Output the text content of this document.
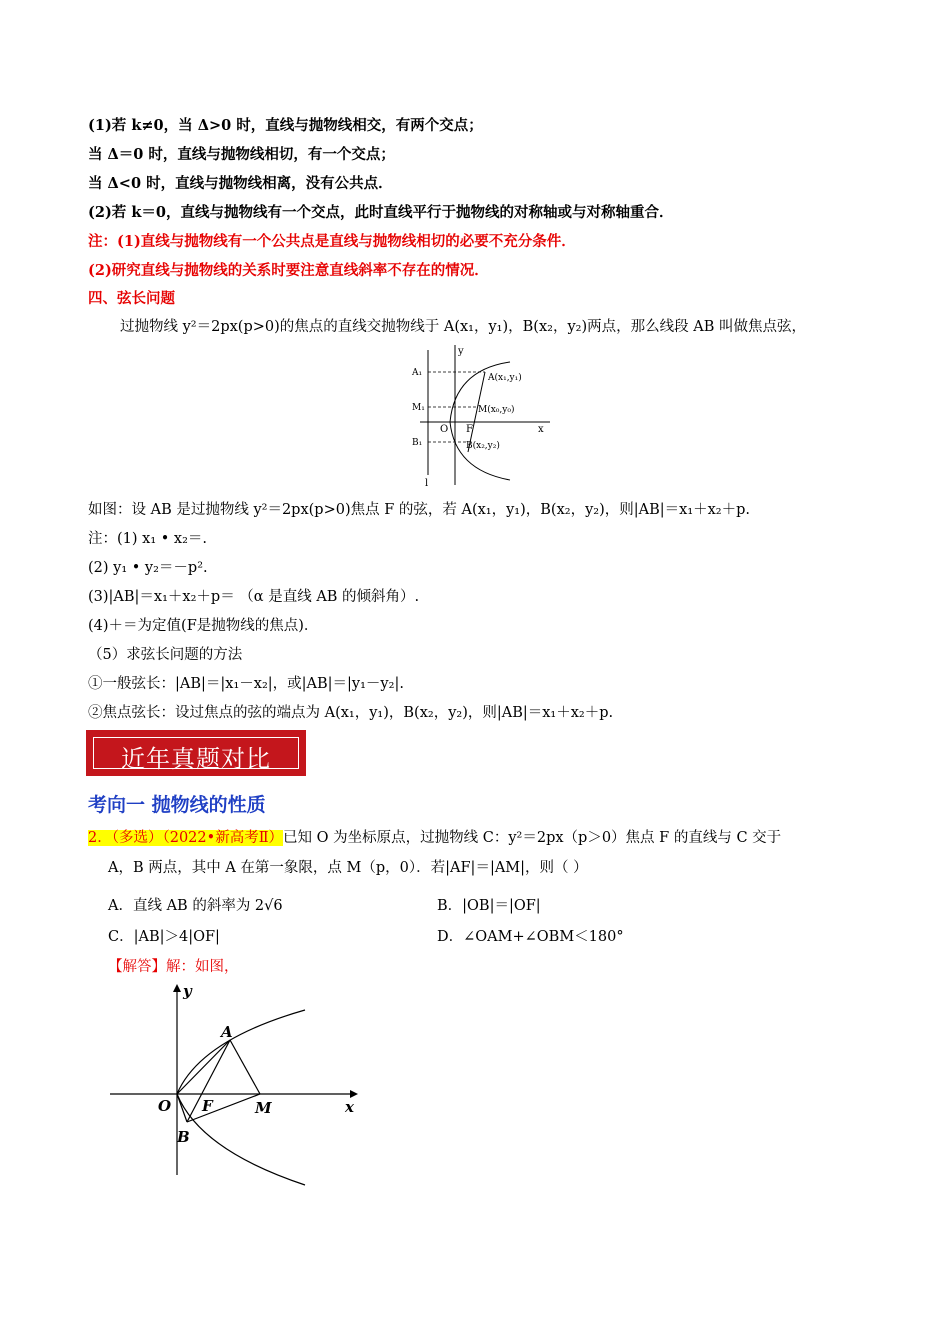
(1)若 k≠0，当 Δ>0 时，直线与抛物线相交，有两个交点；
当 Δ＝0 时，直线与抛物线相切，有一个交点；
当 Δ<0 时，直线与抛物线相离，没有公共点．
(2)若 k＝0，直线与抛物线有一个交点，此时直线平行于抛物线的对称轴或与对称轴重合．
注：(1)直线与抛物线有一个公共点是直线与抛物线相切的必要不充分条件．
(2)研究直线与抛物线的关系时要注意直线斜率不存在的情况．
四、弦长问题
过抛物线 y²＝2px(p>0)的焦点的直线交抛物线于 A(x₁，y₁)，B(x₂，y₂)两点，那么线段 AB 叫做焦点弦，
y
x
O F
l
A₁
M₁
B₁
A(x₁,y₁)
M(x₀,y₀)
B(x₂,y₂)
如图：设 AB 是过抛物线 y²＝2px(p>0)焦点 F 的弦，若 A(x₁，y₁)，B(x₂，y₂)，则|AB|＝x₁＋x₂＋p.
注：(1) x₁ • x₂＝.
(2) y₁ • y₂＝－p².
(3)|AB|＝x₁＋x₂＋p＝ （α 是直线 AB 的倾斜角）.
(4)＋＝为定值(F是抛物线的焦点)．
（5）求弦长问题的方法
①一般弦长：|AB|＝|x₁－x₂|，或|AB|＝|y₁－y₂|.
②焦点弦长：设过焦点的弦的端点为 A(x₁，y₁)，B(x₂，y₂)，则|AB|＝x₁＋x₂＋p.
近年真题对比
考向一 抛物线的性质
2．（多选）（2022•新高考Ⅱ）已知 O 为坐标原点，过抛物线 C：y²＝2px（p＞0）焦点 F 的直线与 C 交于
A，B 两点，其中 A 在第一象限，点 M（p，0）．若|AF|＝|AM|，则（ ）
A．直线 AB 的斜率为 2√6	B．|OB|＝|OF|
C．|AB|＞4|OF|	D．∠OAM+∠OBM＜180°
【解答】解：如图，
y
x
O F	M
A
B
